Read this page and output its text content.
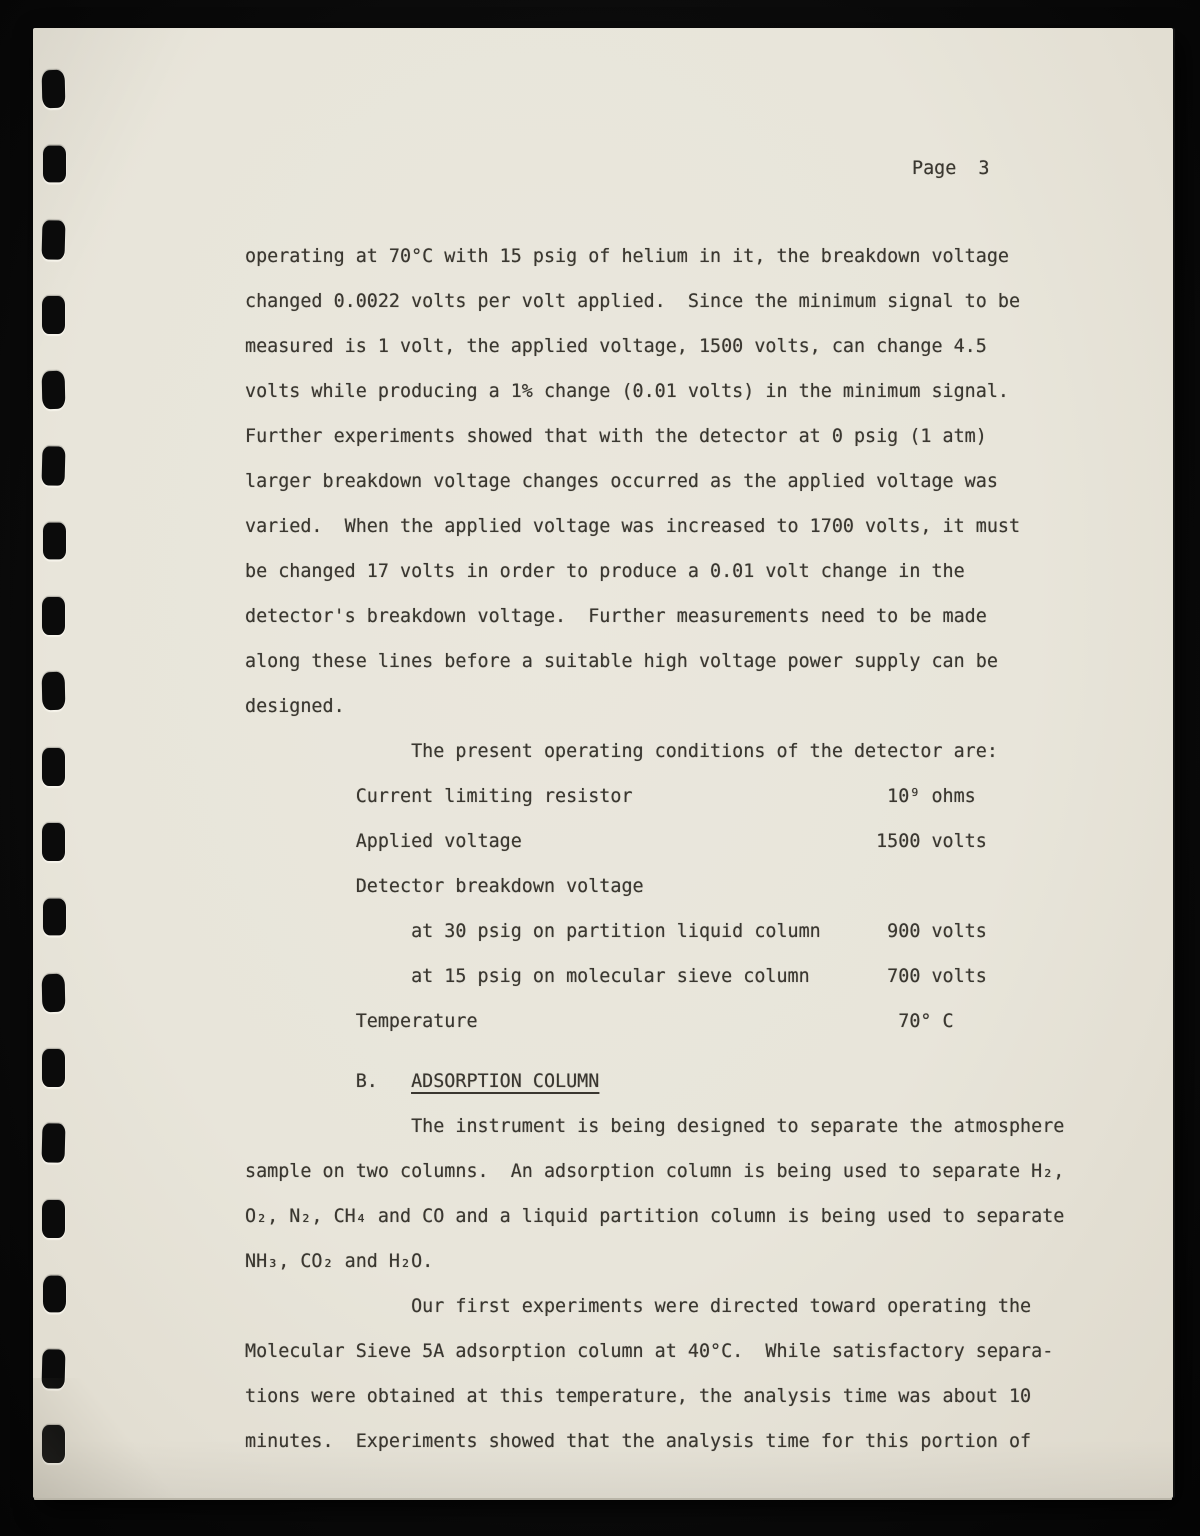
Page  3
operating at 70°C with 15 psig of helium in it, the breakdown voltage
changed 0.0022 volts per volt applied.  Since the minimum signal to be
measured is 1 volt, the applied voltage, 1500 volts, can change 4.5
volts while producing a 1% change (0.01 volts) in the minimum signal.
Further experiments showed that with the detector at 0 psig (1 atm)
larger breakdown voltage changes occurred as the applied voltage was
varied.  When the applied voltage was increased to 1700 volts, it must
be changed 17 volts in order to produce a 0.01 volt change in the
detector's breakdown voltage.  Further measurements need to be made
along these lines before a suitable high voltage power supply can be
designed.
The present operating conditions of the detector are:
Current limiting resistor                       10⁹ ohms
Applied voltage                                1500 volts
Detector breakdown voltage
at 30 psig on partition liquid column      900 volts
at 15 psig on molecular sieve column       700 volts
Temperature                                      70° C
B.   ADSORPTION COLUMN
The instrument is being designed to separate the atmosphere
sample on two columns.  An adsorption column is being used to separate H₂,
O₂, N₂, CH₄ and CO and a liquid partition column is being used to separate
NH₃, CO₂ and H₂O.
Our first experiments were directed toward operating the
Molecular Sieve 5A adsorption column at 40°C.  While satisfactory separa-
tions were obtained at this temperature, the analysis time was about 10
minutes.  Experiments showed that the analysis time for this portion of
